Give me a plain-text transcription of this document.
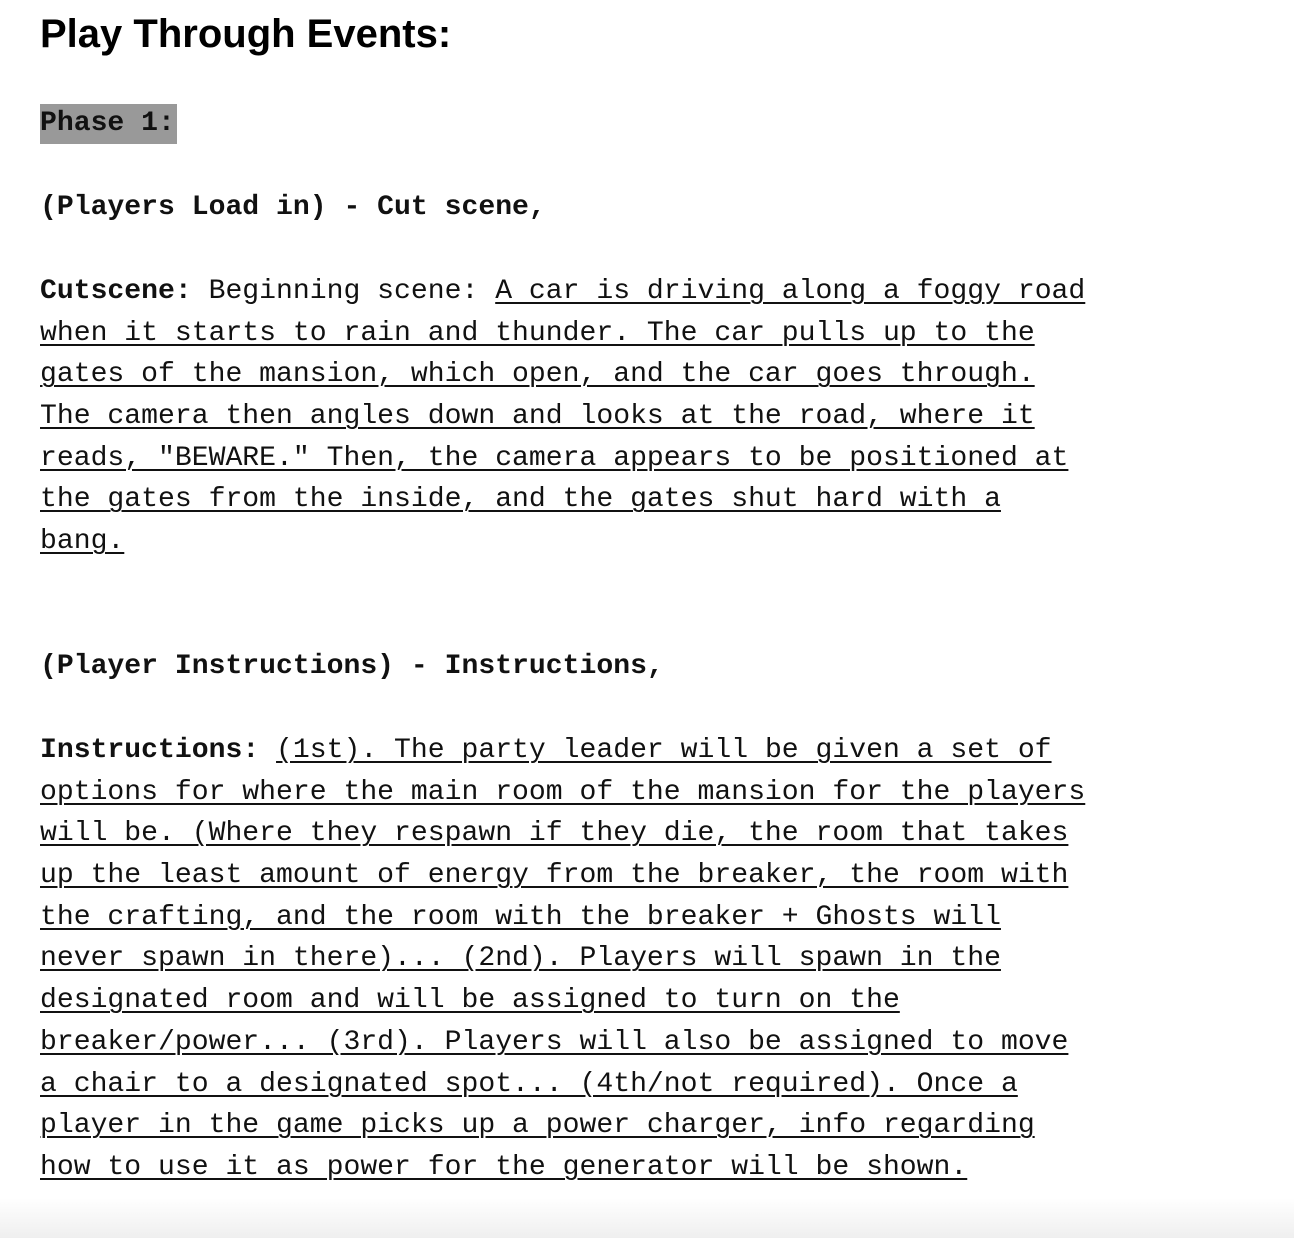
Play Through Events:
Phase 1:
(Players Load in) - Cut scene,
Cutscene: Beginning scene: A car is driving along a foggy road
when it starts to rain and thunder. The car pulls up to the
gates of the mansion, which open, and the car goes through.
The camera then angles down and looks at the road, where it
reads, "BEWARE." Then, the camera appears to be positioned at
the gates from the inside, and the gates shut hard with a
bang.
(Player Instructions) - Instructions,
Instructions: (1st). The party leader will be given a set of
options for where the main room of the mansion for the players
will be. (Where they respawn if they die, the room that takes
up the least amount of energy from the breaker, the room with
the crafting, and the room with the breaker + Ghosts will
never spawn in there)... (2nd). Players will spawn in the
designated room and will be assigned to turn on the
breaker/power... (3rd). Players will also be assigned to move
a chair to a designated spot... (4th/not required). Once a
player in the game picks up a power charger, info regarding
how to use it as power for the generator will be shown.
